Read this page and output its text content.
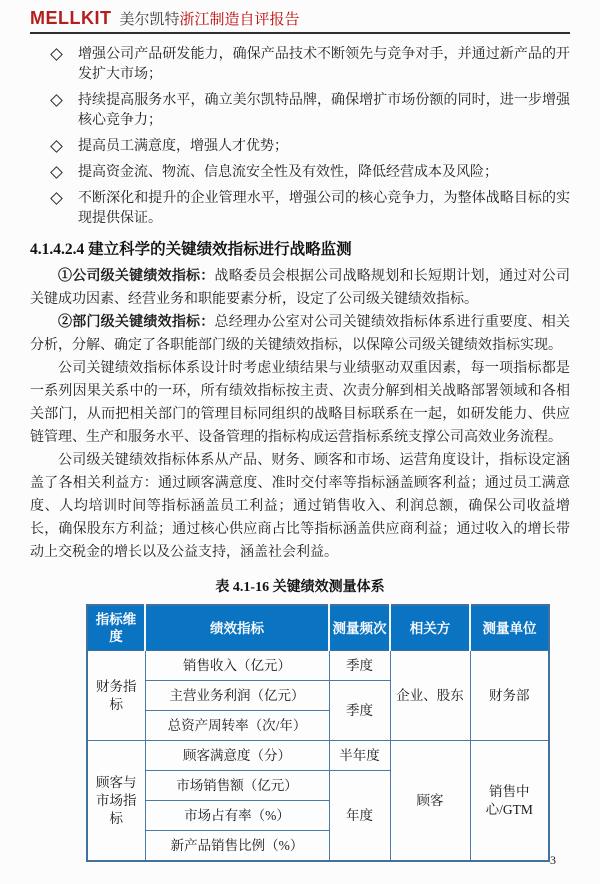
MELLKIT 美尔凯特浙江制造自评报告
增强公司产品研发能力，确保产品技术不断领先与竞争对手，并通过新产品的开发扩大市场；
持续提高服务水平，确立美尔凯特品牌，确保增扩市场份额的同时，进一步增强核心竞争力；
提高员工满意度，增强人才优势；
提高资金流、物流、信息流安全性及有效性，降低经营成本及风险；
不断深化和提升的企业管理水平，增强公司的核心竞争力，为整体战略目标的实现提供保证。
4.1.4.2.4 建立科学的关键绩效指标进行战略监测

①公司级关键绩效指标：战略委员会根据公司战略规划和长短期计划，通过对公司关键成功因素、经营业务和职能要素分析，设定了公司级关键绩效指标。

②部门级关键绩效指标：总经理办公室对公司关键绩效指标体系进行重要度、相关分析，分解、确定了各职能部门级的关键绩效指标，以保障公司级关键绩效指标实现。

公司关键绩效指标体系设计时考虑业绩结果与业绩驱动双重因素，每一项指标都是一系列因果关系中的一环，所有绩效指标按主责、次责分解到相关战略部署领域和各相关部门，从而把相关部门的管理目标同组织的战略目标联系在一起，如研发能力、供应链管理、生产和服务水平、设备管理的指标构成运营指标系统支撑公司高效业务流程。

公司级关键绩效指标体系从产品、财务、顾客和市场、运营角度设计，指标设定涵盖了各相关利益方：通过顾客满意度、准时交付率等指标涵盖顾客利益；通过员工满意度、人均培训时间等指标涵盖员工利益；通过销售收入、利润总额，确保公司收益增长，确保股东方利益；通过核心供应商占比等指标涵盖供应商利益；通过收入的增长带动上交税金的增长以及公益支持，涵盖社会利益。

表 4.1-16 关键绩效测量体系
指标维度	绩效指标	测量频次	相关方	测量单位
财务指标	销售收入（亿元）	季度	企业、股东	财务部
	主营业务利润（亿元）	季度		
	总资产周转率（次/年）			
顾客与市场指标	顾客满意度（分）	半年度	顾客	销售中心/GTM
	市场销售额（亿元）	年度		
	市场占有率（%）			
	新产品销售比例（%）			
3
